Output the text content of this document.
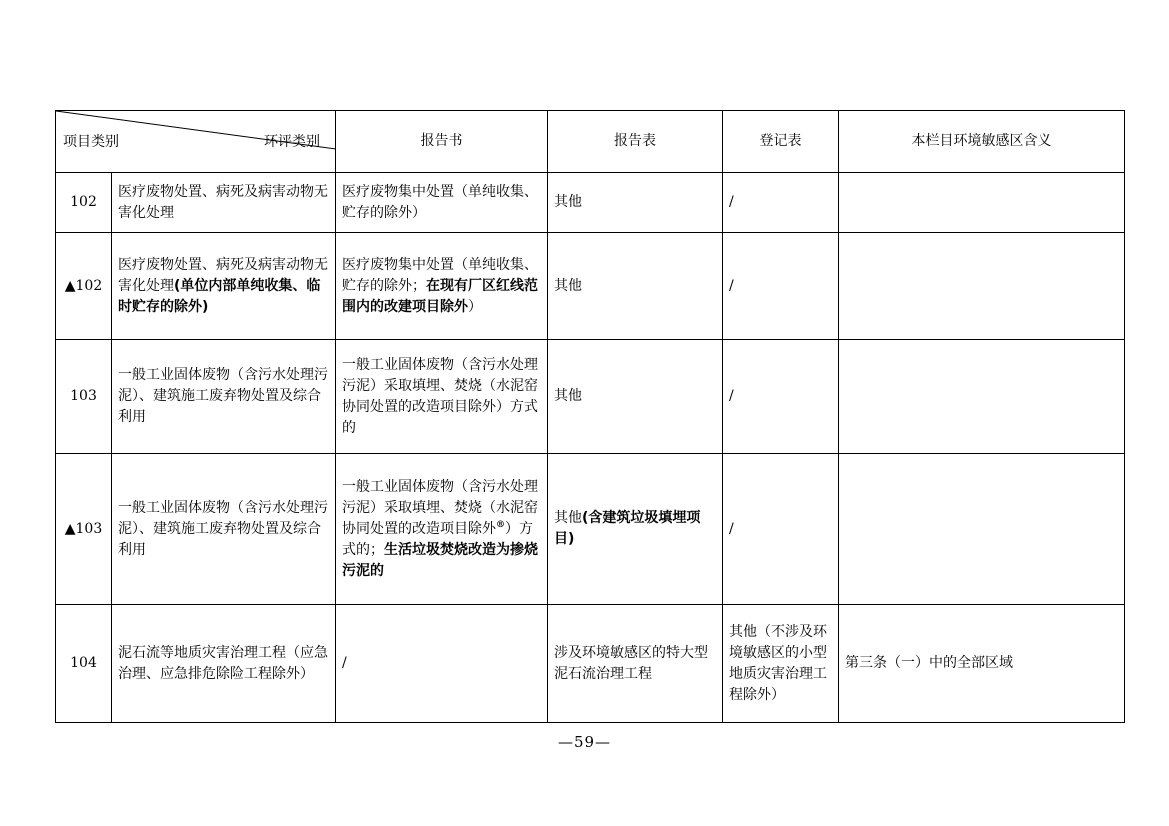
项目类别 环评类别		报告书	报告表	登记表	本栏目环境敏感区含义
102	医疗废物处置、病死及病害动物无害化处理	医疗废物集中处置（单纯收集、贮存的除外）	其他	/	
▲102	医疗废物处置、病死及病害动物无害化处理(单位内部单纯收集、临时贮存的除外)	医疗废物集中处置（单纯收集、贮存的除外；在现有厂区红线范围内的改建项目除外）	其他	/	
103	一般工业固体废物（含污水处理污泥）、建筑施工废弃物处置及综合利用	一般工业固体废物（含污水处理污泥）采取填埋、焚烧（水泥窑协同处置的改造项目除外）方式的	其他	/	
▲103	一般工业固体废物（含污水处理污泥）、建筑施工废弃物处置及综合利用	一般工业固体废物（含污水处理污泥）采取填埋、焚烧（水泥窑协同处置的改造项目除外®）方式的；生活垃圾焚烧改造为掺烧污泥的	其他(含建筑垃圾填埋项目)	/	
104	泥石流等地质灾害治理工程（应急治理、应急排危除险工程除外）	/	涉及环境敏感区的特大型泥石流治理工程	其他（不涉及环境敏感区的小型地质灾害治理工程除外）	第三条（一）中的全部区域
—59—
